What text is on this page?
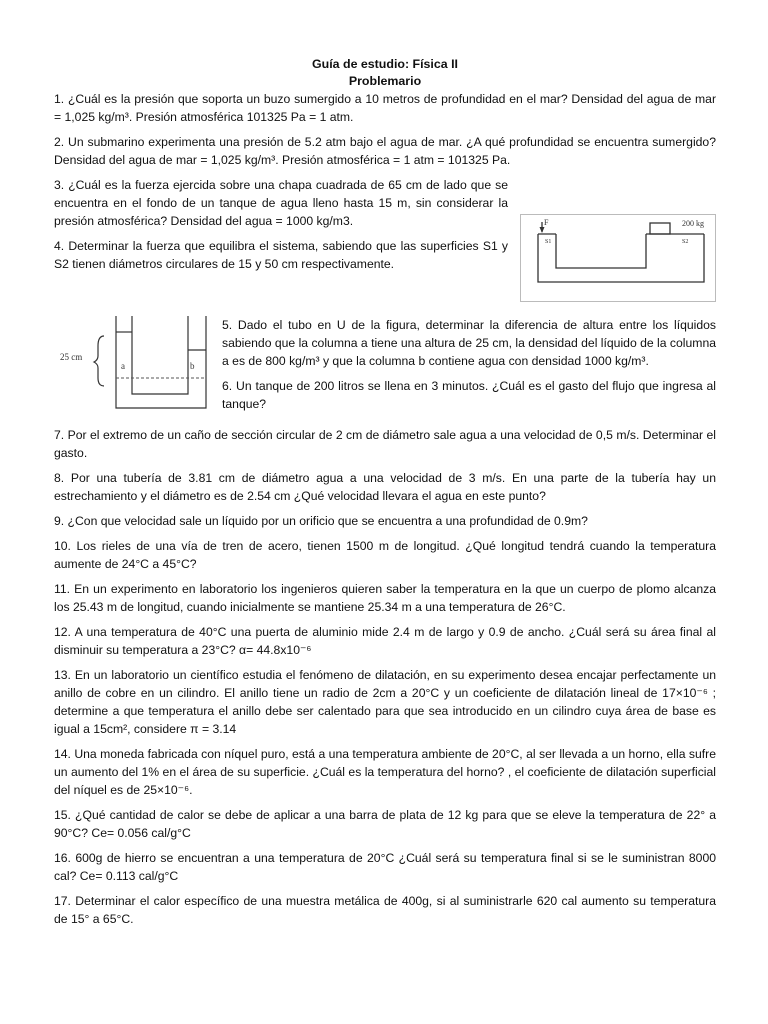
Guía de estudio: Física II
Problemario

1. ¿Cuál es la presión que soporta un buzo sumergido a 10 metros de profundidad en el mar? Densidad del agua de mar = 1,025 kg/m³. Presión atmosférica 101325 Pa = 1 atm.

2. Un submarino experimenta una presión de 5.2 atm bajo el agua de mar. ¿A qué profundidad se encuentra sumergido? Densidad del agua de mar = 1,025 kg/m³. Presión atmosférica = 1 atm = 101325 Pa.

3. ¿Cuál es la fuerza ejercida sobre una chapa cuadrada de 65 cm de lado que se encuentra en el fondo de un tanque de agua lleno hasta 15 m, sin considerar la presión atmosférica? Densidad del agua = 1000 kg/m3.

4. Determinar la fuerza que equilibra el sistema, sabiendo que las superficies S1 y S2 tienen diámetros circulares de 15 y 50 cm respectivamente.

5. Dado el tubo en U de la figura, determinar la diferencia de altura entre los líquidos sabiendo que la columna a tiene una altura de 25 cm, la densidad del líquido de la columna a es de 800 kg/m³ y que la columna b contiene agua con densidad 1000 kg/m³.

6. Un tanque de 200 litros se llena en 3 minutos. ¿Cuál es el gasto del flujo que ingresa al tanque?

7. Por el extremo de un caño de sección circular de 2 cm de diámetro sale agua a una velocidad de 0,5 m/s. Determinar el gasto.

8. Por una tubería de 3.81 cm de diámetro agua a una velocidad de 3 m/s. En una parte de la tubería hay un estrechamiento y el diámetro es de 2.54 cm ¿Qué velocidad llevara el agua en este punto?

9. ¿Con que velocidad sale un líquido por un orificio que se encuentra a una profundidad de 0.9m?

10. Los rieles de una vía de tren de acero, tienen 1500 m de longitud. ¿Qué longitud tendrá cuando la temperatura aumente de 24°C a 45°C?

11. En un experimento en laboratorio los ingenieros quieren saber la temperatura en la que un cuerpo de plomo alcanza los 25.43 m de longitud, cuando inicialmente se mantiene 25.34 m a una temperatura de 26°C.

12. A una temperatura de 40°C una puerta de aluminio mide 2.4 m de largo y 0.9 de ancho. ¿Cuál será su área final al disminuir su temperatura a 23°C? α= 44.8x10⁻⁶

13. En un laboratorio un científico estudia el fenómeno de dilatación, en su experimento desea encajar perfectamente un anillo de cobre en un cilindro. El anillo tiene un radio de 2cm a 20°C y un coeficiente de dilatación lineal de 17×10⁻⁶ ; determine a que temperatura el anillo debe ser calentado para que sea introducido en un cilindro cuya área de base es igual a 15cm², considere π = 3.14

14. Una moneda fabricada con níquel puro, está a una temperatura ambiente de 20°C, al ser llevada a un horno, ella sufre un aumento del 1% en el área de su superficie. ¿Cuál es la temperatura del horno? , el coeficiente de dilatación superficial del níquel es de 25×10⁻⁶.

15. ¿Qué cantidad de calor se debe de aplicar a una barra de plata de 12 kg para que se eleve la temperatura de 22° a 90°C? Ce= 0.056 cal/g°C

16. 600g de hierro se encuentran a una temperatura de 20°C ¿Cuál será su temperatura final si se le suministran 8000 cal? Ce= 0.113 cal/g°C

17. Determinar el calor específico de una muestra metálica de 400g, si al suministrarle 620 cal aumento su temperatura de 15° a 65°C.

F	200 kg
S1	S2
25 cm
a	b
